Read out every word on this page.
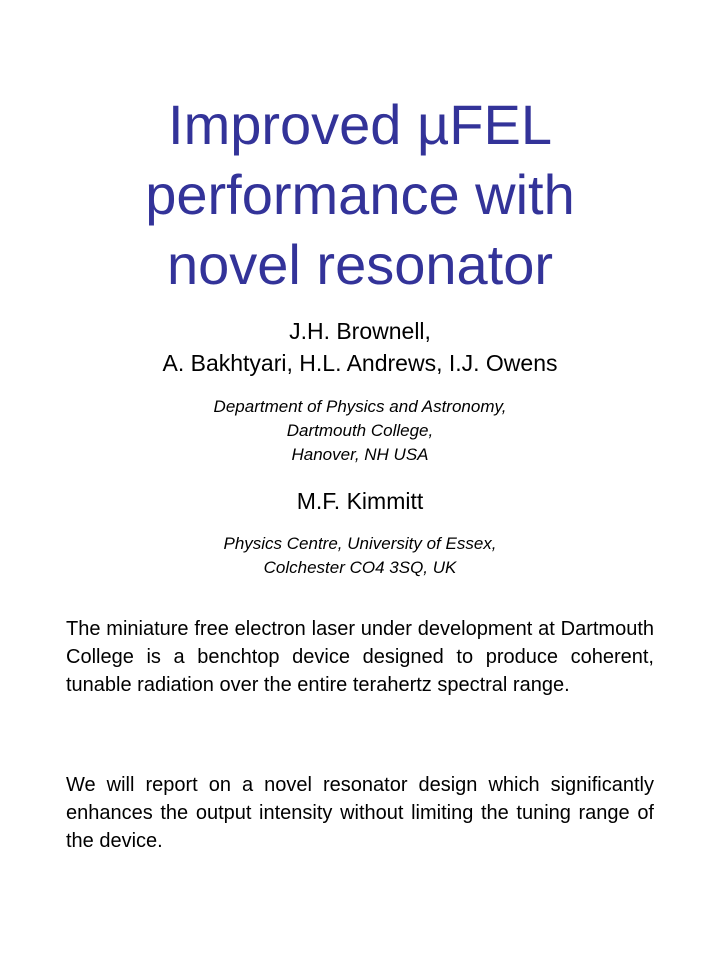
Improved µFEL
performance with
novel resonator
J.H. Brownell,
A. Bakhtyari, H.L. Andrews, I.J. Owens
Department of Physics and Astronomy,
Dartmouth College,
Hanover, NH USA
M.F. Kimmitt
Physics Centre, University of Essex,
Colchester CO4 3SQ, UK

The miniature free electron laser under development at Dartmouth College is a benchtop device designed to produce coherent, tunable radiation over the entire terahertz spectral range.

We will report on a novel resonator design which significantly enhances the output intensity without limiting the tuning range of the device.
